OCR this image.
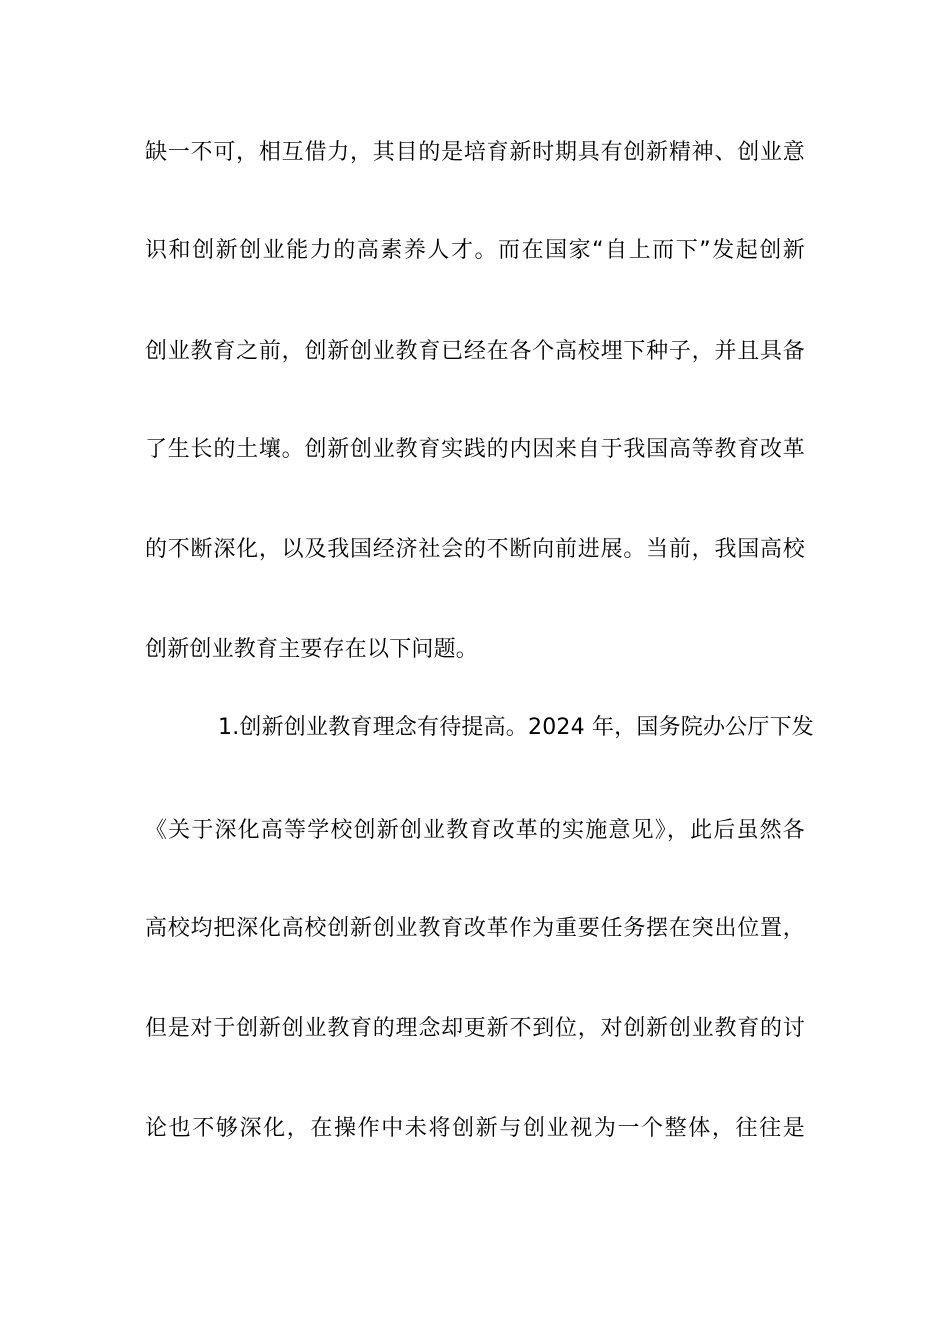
缺一不可，相互借力，其目的是培育新时期具有创新精神、创业意
识和创新创业能力的高素养人才。而在国家“自上而下”发起创新
创业教育之前，创新创业教育已经在各个高校埋下种子，并且具备
了生长的土壤。创新创业教育实践的内因来自于我国高等教育改革
的不断深化，以及我国经济社会的不断向前进展。当前，我国高校
创新创业教育主要存在以下问题。
1.创新创业教育理念有待提高。2024 年，国务院办公厅下发
《关于深化高等学校创新创业教育改革的实施意见》，此后虽然各
高校均把深化高校创新创业教育改革作为重要任务摆在突出位置，
但是对于创新创业教育的理念却更新不到位，对创新创业教育的讨
论也不够深化，在操作中未将创新与创业视为一个整体，往往是
